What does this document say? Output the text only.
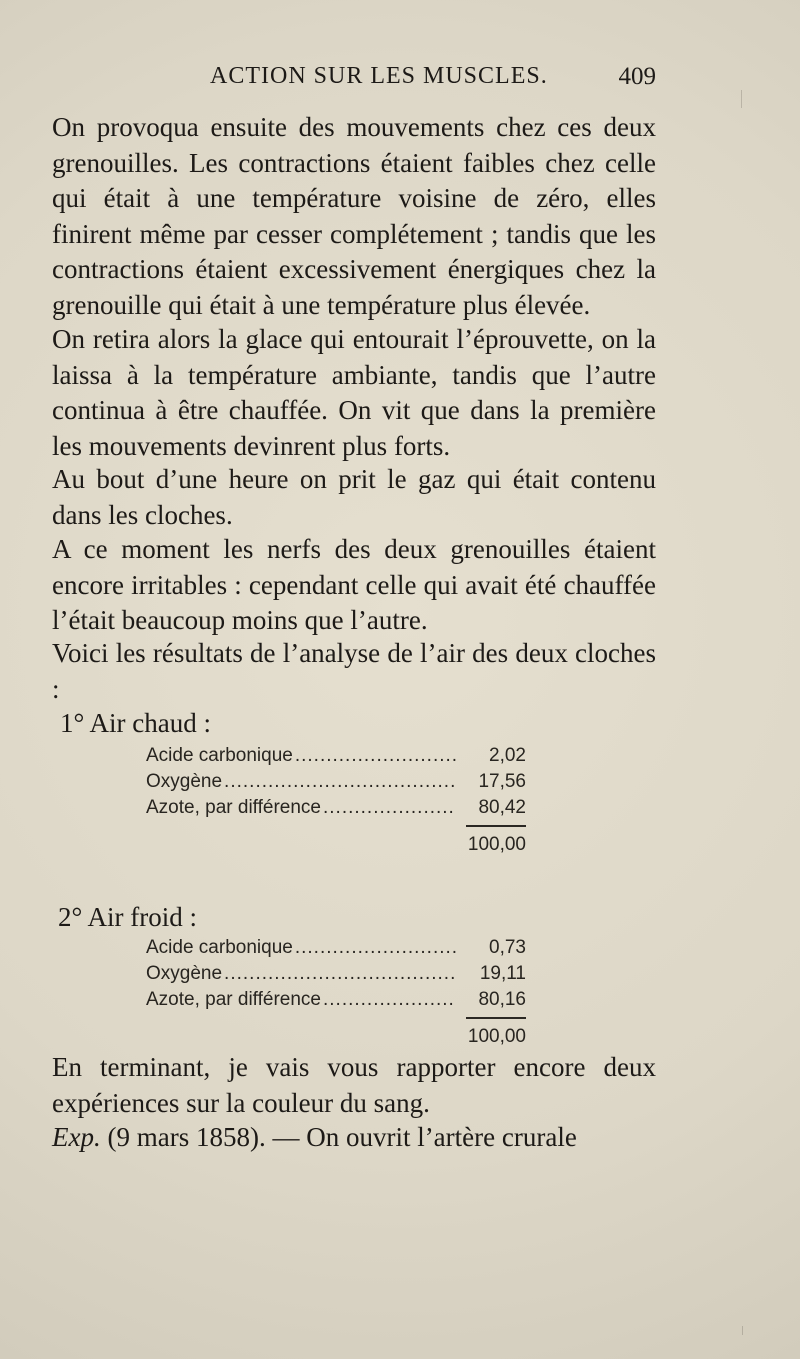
ACTION SUR LES MUSCLES.	409
On provoqua ensuite des mouvements chez ces deux grenouilles. Les contractions étaient faibles chez celle qui était à une température voisine de zéro, elles finirent même par cesser complétement ; tandis que les contractions étaient excessivement énergiques chez la grenouille qui était à une température plus élevée.
On retira alors la glace qui entourait l’éprouvette, on la laissa à la température ambiante, tandis que l’autre continua à être chauffée. On vit que dans la première les mouvements devinrent plus forts.
Au bout d’une heure on prit le gaz qui était contenu dans les cloches.
A ce moment les nerfs des deux grenouilles étaient encore irritables : cependant celle qui avait été chauffée l’était beaucoup moins que l’autre.
Voici les résultats de l’analyse de l’air des deux cloches :
1° Air chaud :
Acide carbonique .....	2,02
Oxygène .....	17,56
Azote, par différence .....	80,42
100,00
2° Air froid :
Acide carbonique .....	0,73
Oxygène .....	19,11
Azote, par différence .....	80,16
100,00
En terminant, je vais vous rapporter encore deux expériences sur la couleur du sang.
Exp. (9 mars 1858). — On ouvrit l’artère crurale
